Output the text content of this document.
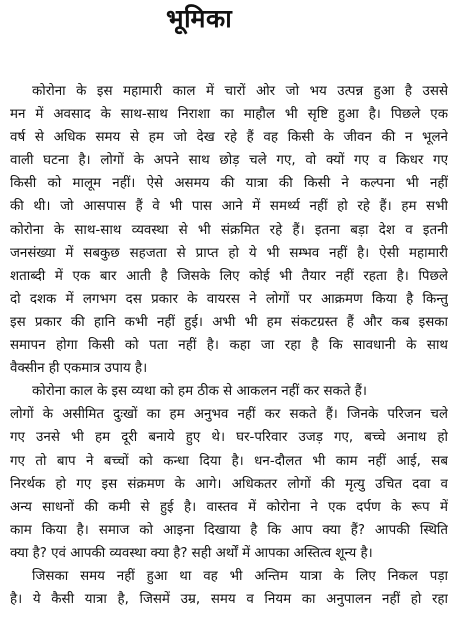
भूमिका
कोरोना के इस महामारी काल में चारों ओर जो भय उत्पन्न हुआ है उससे
मन में अवसाद के साथ-साथ निराशा का माहौल भी सृष्टि हुआ है। पिछले एक
वर्ष से अधिक समय से हम जो देख रहे हैं वह किसी के जीवन की न भूलने
वाली घटना है। लोगों के अपने साथ छोड़ चले गए, वो क्यों गए व किधर गए
किसी को मालूम नहीं। ऐसे असमय की यात्रा की किसी ने कल्पना भी नहीं
की थी। जो आसपास हैं वे भी पास आने में समर्थ्य नहीं हो रहे हैं। हम सभी
कोरोना के साथ-साथ व्यवस्था से भी संक्रमित रहे हैं। इतना बड़ा देश व इतनी
जनसंख्या में सबकुछ सहजता से प्राप्त हो ये भी सम्भव नहीं है। ऐसी महामारी
शताब्दी में एक बार आती है जिसके लिए कोई भी तैयार नहीं रहता है। पिछले
दो दशक में लगभग दस प्रकार के वायरस ने लोगों पर आक्रमण किया है किन्तु
इस प्रकार की हानि कभी नहीं हुई। अभी भी हम संकटग्रस्त हैं और कब इसका
समापन होगा किसी को पता नहीं है। कहा जा रहा है कि सावधानी के साथ
वैक्सीन ही एकमात्र उपाय है।
कोरोना काल के इस व्यथा को हम ठीक से आकलन नहीं कर सकते हैं।
लोगों के असीमित दुःखों का हम अनुभव नहीं कर सकते हैं। जिनके परिजन चले
गए उनसे भी हम दूरी बनाये हुए थे। घर-परिवार उजड़ गए, बच्चे अनाथ हो
गए तो बाप ने बच्चों को कन्धा दिया है। धन-दौलत भी काम नहीं आई, सब
निरर्थक हो गए इस संक्रमण के आगे। अधिकतर लोगों की मृत्यु उचित दवा व
अन्य साधनों की कमी से हुई है। वास्तव में कोरोना ने एक दर्पण के रूप में
काम किया है। समाज को आइना दिखाया है कि आप क्या हैं? आपकी स्थिति
क्या है? एवं आपकी व्यवस्था क्या है? सही अर्थों में आपका अस्तित्व शून्य है।
जिसका समय नहीं हुआ था वह भी अन्तिम यात्रा के लिए निकल पड़ा
है। ये कैसी यात्रा है, जिसमें उम्र, समय व नियम का अनुपालन नहीं हो रहा
